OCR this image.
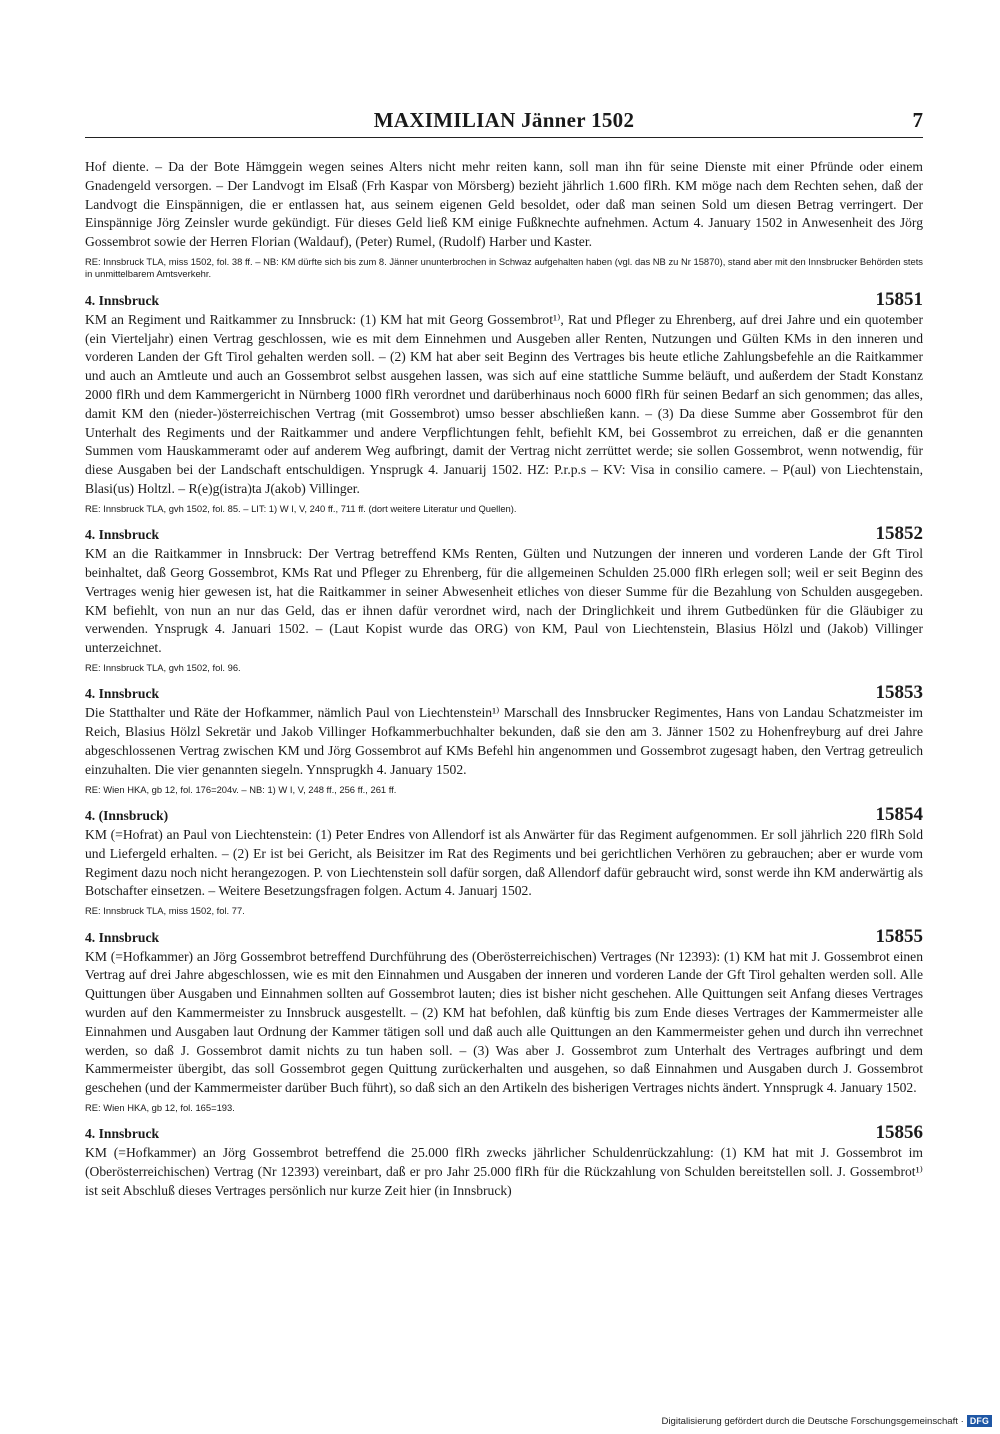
MAXIMILIAN Jänner 1502	7

Hof diente. – Da der Bote Hämggein wegen seines Alters nicht mehr reiten kann, soll man ihn für seine Dienste mit einer Pfründe oder einem Gnadengeld versorgen. – Der Landvogt im Elsaß (Frh Kaspar von Mörsberg) bezieht jährlich 1.600 flRh. KM möge nach dem Rechten sehen, daß der Landvogt die Einspännigen, die er entlassen hat, aus seinem eigenen Geld besoldet, oder daß man seinen Sold um diesen Betrag verringert. Der Einspännige Jörg Zeinsler wurde gekündigt. Für dieses Geld ließ KM einige Fußknechte aufnehmen. Actum 4. January 1502 in Anwesenheit des Jörg Gossembrot sowie der Herren Florian (Waldauf), (Peter) Rumel, (Rudolf) Harber und Kaster.

RE: Innsbruck TLA, miss 1502, fol. 38 ff. – NB: KM dürfte sich bis zum 8. Jänner ununterbrochen in Schwaz aufgehalten haben (vgl. das NB zu Nr 15870), stand aber mit den Innsbrucker Behörden stets in unmittelbarem Amtsverkehr.

4. Innsbruck	15851

KM an Regiment und Raitkammer zu Innsbruck: (1) KM hat mit Georg Gossembrot¹⁾, Rat und Pfleger zu Ehrenberg, auf drei Jahre und ein quotember (ein Vierteljahr) einen Vertrag geschlossen, wie es mit dem Einnehmen und Ausgeben aller Renten, Nutzungen und Gülten KMs in den inneren und vorderen Landen der Gft Tirol gehalten werden soll. – (2) KM hat aber seit Beginn des Vertrages bis heute etliche Zahlungsbefehle an die Raitkammer und auch an Amtleute und auch an Gossembrot selbst ausgehen lassen, was sich auf eine stattliche Summe beläuft, und außerdem der Stadt Konstanz 2000 flRh und dem Kammergericht in Nürnberg 1000 flRh verordnet und darüberhinaus noch 6000 flRh für seinen Bedarf an sich genommen; das alles, damit KM den (nieder-)österreichischen Vertrag (mit Gossembrot) umso besser abschließen kann. – (3) Da diese Summe aber Gossembrot für den Unterhalt des Regiments und der Raitkammer und andere Verpflichtungen fehlt, befiehlt KM, bei Gossembrot zu erreichen, daß er die genannten Summen vom Hauskammeramt oder auf anderem Weg aufbringt, damit der Vertrag nicht zerrüttet werde; sie sollen Gossembrot, wenn notwendig, für diese Ausgaben bei der Landschaft entschuldigen. Ynsprugk 4. Januarij 1502. HZ: P.r.p.s – KV: Visa in consilio camere. – P(aul) von Liechtenstain, Blasi(us) Holtzl. – R(e)g(istra)ta J(akob) Villinger.

RE: Innsbruck TLA, gvh 1502, fol. 85. – LIT: 1) W I, V, 240 ff., 711 ff. (dort weitere Literatur und Quellen).

4. Innsbruck	15852

KM an die Raitkammer in Innsbruck: Der Vertrag betreffend KMs Renten, Gülten und Nutzungen der inneren und vorderen Lande der Gft Tirol beinhaltet, daß Georg Gossembrot, KMs Rat und Pfleger zu Ehrenberg, für die allgemeinen Schulden 25.000 flRh erlegen soll; weil er seit Beginn des Vertrages wenig hier gewesen ist, hat die Raitkammer in seiner Abwesenheit etliches von dieser Summe für die Bezahlung von Schulden ausgegeben. KM befiehlt, von nun an nur das Geld, das er ihnen dafür verordnet wird, nach der Dringlichkeit und ihrem Gutbedünken für die Gläubiger zu verwenden. Ynsprugk 4. Januari 1502. – (Laut Kopist wurde das ORG) von KM, Paul von Liechtenstein, Blasius Hölzl und (Jakob) Villinger unterzeichnet.

RE: Innsbruck TLA, gvh 1502, fol. 96.

4. Innsbruck	15853

Die Statthalter und Räte der Hofkammer, nämlich Paul von Liechtenstein¹⁾ Marschall des Innsbrucker Regimentes, Hans von Landau Schatzmeister im Reich, Blasius Hölzl Sekretär und Jakob Villinger Hofkammerbuchhalter bekunden, daß sie den am 3. Jänner 1502 zu Hohenfreyburg auf drei Jahre abgeschlossenen Vertrag zwischen KM und Jörg Gossembrot auf KMs Befehl hin angenommen und Gossembrot zugesagt haben, den Vertrag getreulich einzuhalten. Die vier genannten siegeln. Ynnsprugkh 4. January 1502.

RE: Wien HKA, gb 12, fol. 176=204v. – NB: 1) W I, V, 248 ff., 256 ff., 261 ff.

4. (Innsbruck)	15854

KM (=Hofrat) an Paul von Liechtenstein: (1) Peter Endres von Allendorf ist als Anwärter für das Regiment aufgenommen. Er soll jährlich 220 flRh Sold und Liefergeld erhalten. – (2) Er ist bei Gericht, als Beisitzer im Rat des Regiments und bei gerichtlichen Verhören zu gebrauchen; aber er wurde vom Regiment dazu noch nicht herangezogen. P. von Liechtenstein soll dafür sorgen, daß Allendorf dafür gebraucht wird, sonst werde ihn KM anderwärtig als Botschafter einsetzen. – Weitere Besetzungsfragen folgen. Actum 4. Januarj 1502.

RE: Innsbruck TLA, miss 1502, fol. 77.

4. Innsbruck	15855

KM (=Hofkammer) an Jörg Gossembrot betreffend Durchführung des (Oberösterreichischen) Vertrages (Nr 12393): (1) KM hat mit J. Gossembrot einen Vertrag auf drei Jahre abgeschlossen, wie es mit den Einnahmen und Ausgaben der inneren und vorderen Lande der Gft Tirol gehalten werden soll. Alle Quittungen über Ausgaben und Einnahmen sollten auf Gossembrot lauten; dies ist bisher nicht geschehen. Alle Quittungen seit Anfang dieses Vertrages wurden auf den Kammermeister zu Innsbruck ausgestellt. – (2) KM hat befohlen, daß künftig bis zum Ende dieses Vertrages der Kammermeister alle Einnahmen und Ausgaben laut Ordnung der Kammer tätigen soll und daß auch alle Quittungen an den Kammermeister gehen und durch ihn verrechnet werden, so daß J. Gossembrot damit nichts zu tun haben soll. – (3) Was aber J. Gossembrot zum Unterhalt des Vertrages aufbringt und dem Kammermeister übergibt, das soll Gossembrot gegen Quittung zurückerhalten und ausgehen, so daß Einnahmen und Ausgaben durch J. Gossembrot geschehen (und der Kammermeister darüber Buch führt), so daß sich an den Artikeln des bisherigen Vertrages nichts ändert. Ynnsprugk 4. January 1502.

RE: Wien HKA, gb 12, fol. 165=193.

4. Innsbruck	15856

KM (=Hofkammer) an Jörg Gossembrot betreffend die 25.000 flRh zwecks jährlicher Schuldenrückzahlung: (1) KM hat mit J. Gossembrot im (Oberösterreichischen) Vertrag (Nr 12393) vereinbart, daß er pro Jahr 25.000 flRh für die Rückzahlung von Schulden bereitstellen soll. J. Gossembrot¹⁾ ist seit Abschluß dieses Vertrages persönlich nur kurze Zeit hier (in Innsbruck)

Digitalisierung gefördert durch die Deutsche Forschungsgemeinschaft · DFG
